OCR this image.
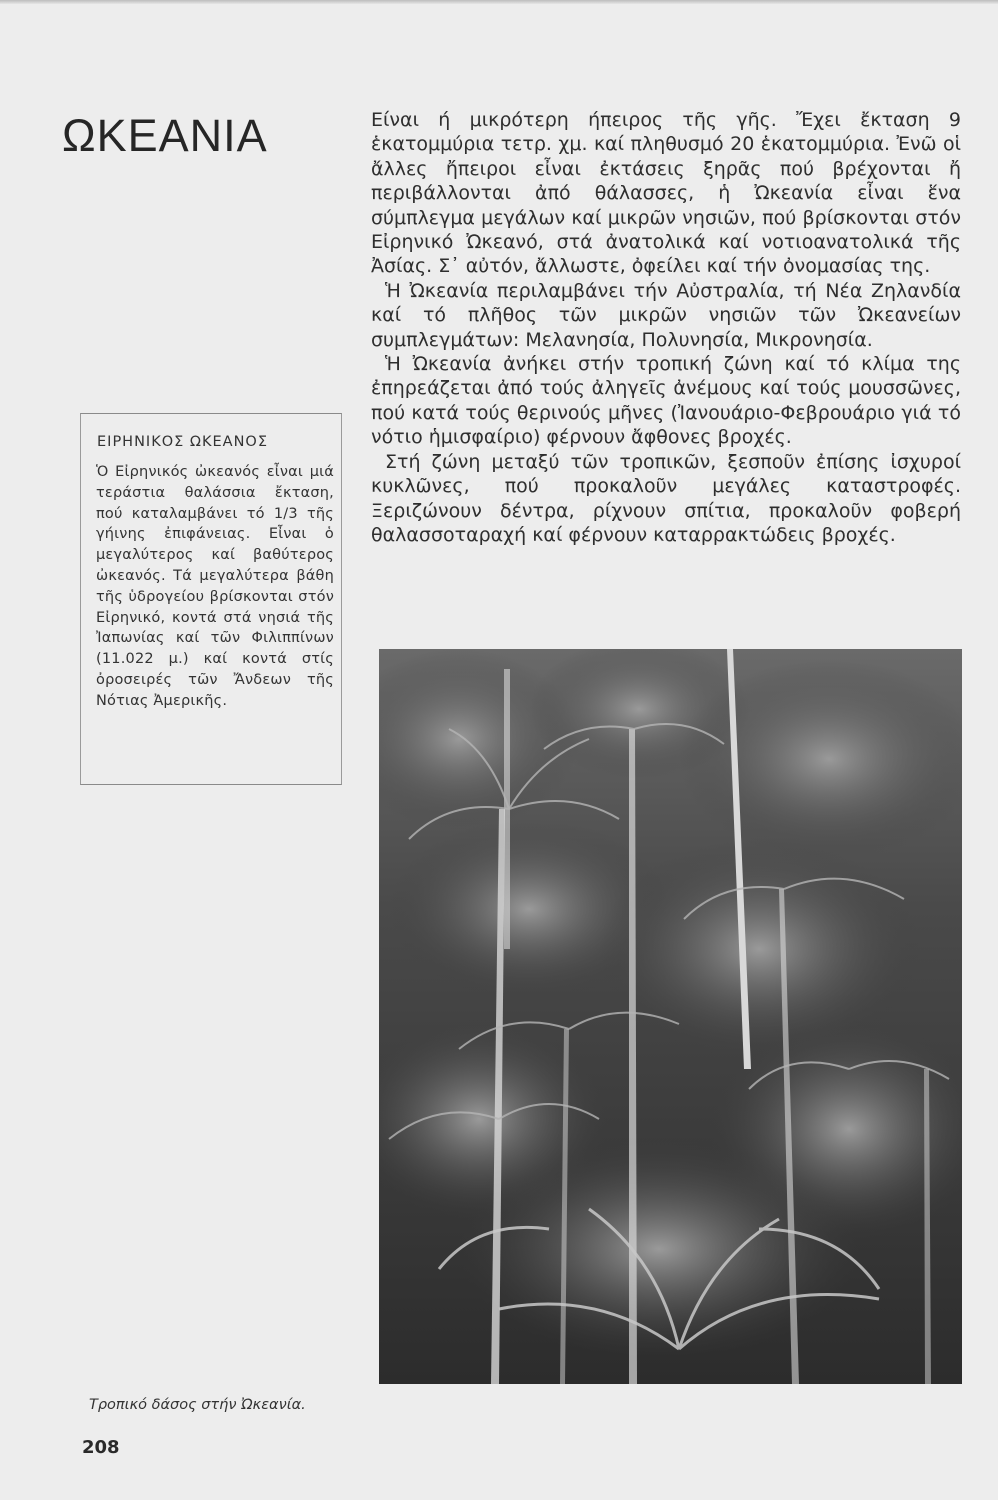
ΩΚΕΑΝΙΑ	Είναι ή μικρότερη ήπειρος τῆς γῆς. Ἔχει ἔκταση 9 ἑκατομμύρια τετρ. χμ. καί πληθυσμό 20 ἑκατομμύρια. Ἐνῶ οἱ ἄλλες ἤπειροι εἶναι ἐκτάσεις ξηρᾶς πού βρέχονται ἤ περιβάλλονται ἀπό θάλασσες, ἡ Ὠκεανία εἶναι ἕνα σύμπλεγμα μεγάλων καί μικρῶν νησιῶν, πού βρίσκονται στόν Εἰρηνικό Ὠκεανό, στά ἀνατολικά καί νοτιοανατολικά τῆς Ἀσίας. Σ᾿ αὐτόν, ἄλλωστε, ὀφείλει καί τήν ὀνομασίας της.

Ἡ Ὠκεανία περιλαμβάνει τήν Αὐστραλία, τή Νέα Ζηλανδία καί τό πλῆθος τῶν μικρῶν νησιῶν τῶν Ὠκεανείων συμπλεγμάτων: Μελανησία, Πολυνησία, Μικρονησία.

Ἡ Ὠκεανία ἀνήκει στήν τροπική ζώνη καί τό κλίμα της ἐπηρεάζεται ἀπό τούς ἀληγεῖς ἀνέμους καί τούς μουσσῶνες, πού κατά τούς θερινούς μῆνες (Ἰανουάριο-Φεβρουάριο γιά τό νότιο ἡμισφαίριο) φέρνουν ἄφθονες βροχές.

Στή ζώνη μεταξύ τῶν τροπικῶν, ξεσποῦν ἐπίσης ἰσχυροί κυκλῶνες, πού προκαλοῦν μεγάλες καταστροφές. Ξεριζώνουν δέντρα, ρίχνουν σπίτια, προκαλοῦν φοβερή θαλασσοταραχή καί φέρνουν καταρρακτώδεις βροχές.

ΕΙΡΗΝΙΚΟΣ ΩΚΕΑΝΟΣ

Ὁ Εἰρηνικός ὠκεανός εἶναι μιά τεράστια θαλάσσια ἔκταση, πού καταλαμβάνει τό 1/3 τῆς γήινης ἐπιφάνειας. Εἶναι ὁ μεγαλύτερος καί βαθύτερος ὠκεανός. Τά μεγαλύτερα βάθη τῆς ὑδρογείου βρίσκονται στόν Εἰρηνικό, κοντά στά νησιά τῆς Ἰαπωνίας καί τῶν Φιλιππίνων (11.022 μ.) καί κοντά στίς ὀροσειρές τῶν Ἄνδεων τῆς Νότιας Ἀμερικῆς.

Τροπικό δάσος στήν Ὠκεανία.

208
